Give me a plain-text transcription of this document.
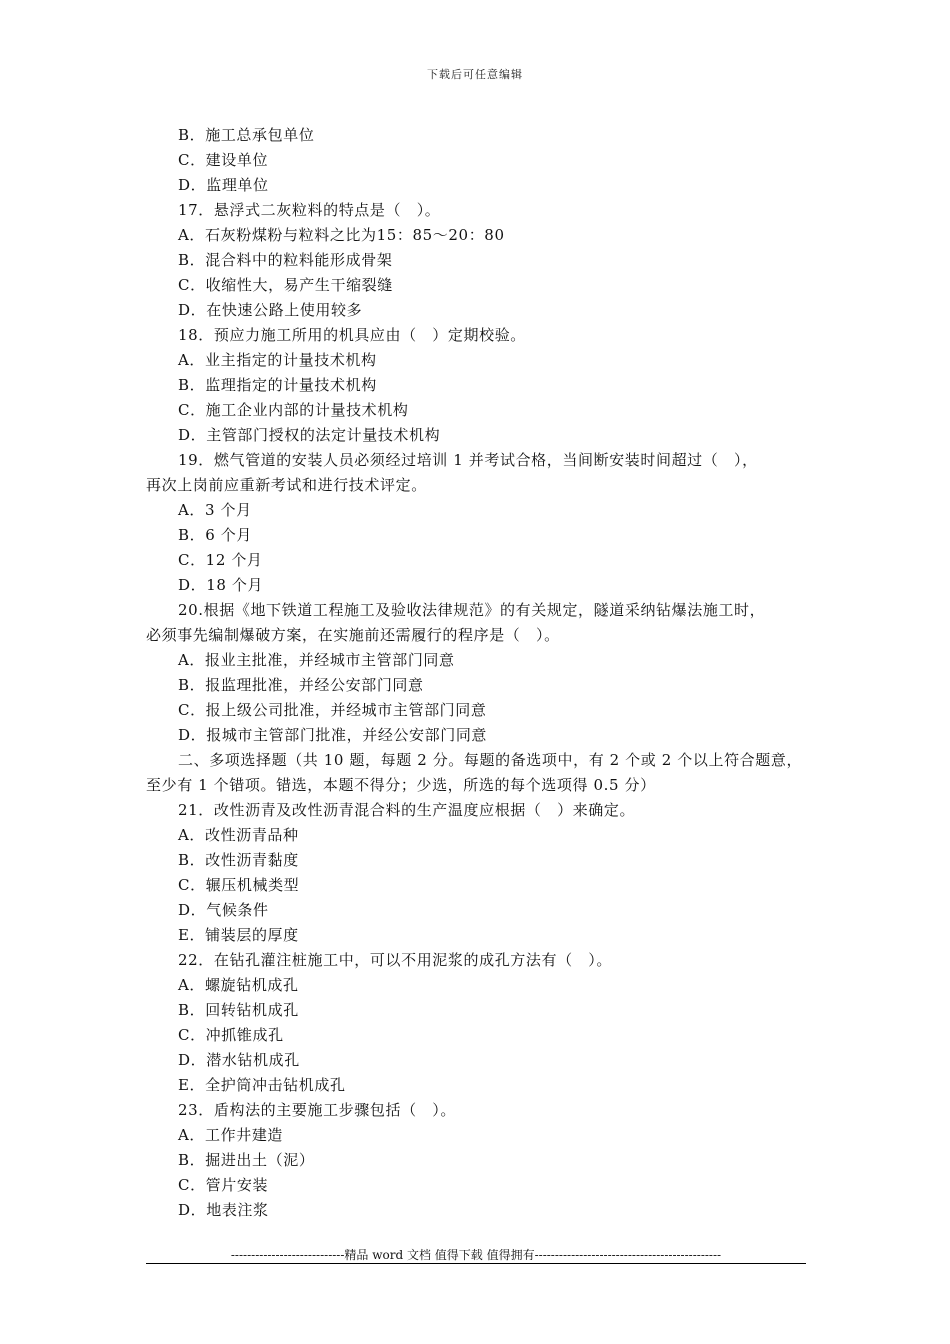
下载后可任意编辑
B．施工总承包单位
C．建设单位
D．监理单位
17．悬浮式二灰粒料的特点是（　）。
A．石灰粉煤粉与粒料之比为15：85～20：80
B．混合料中的粒料能形成骨架
C．收缩性大，易产生干缩裂缝
D．在快速公路上使用较多
18．预应力施工所用的机具应由（　）定期校验。
A．业主指定的计量技术机构
B．监理指定的计量技术机构
C．施工企业内部的计量技术机构
D．主管部门授权的法定计量技术机构
19．燃气管道的安装人员必须经过培训 1 并考试合格，当间断安装时间超过（　），
再次上岗前应重新考试和进行技术评定。
A．3 个月
B．6 个月
C．12 个月
D．18 个月
20.根据《地下铁道工程施工及验收法律规范》的有关规定，隧道采纳钻爆法施工时，
必须事先编制爆破方案，在实施前还需履行的程序是（　）。
A．报业主批准，并经城市主管部门同意
B．报监理批准，并经公安部门同意
C．报上级公司批准，并经城市主管部门同意
D．报城市主管部门批准，并经公安部门同意
二、多项选择题（共 10 题，每题 2 分。每题的备选项中，有 2 个或 2 个以上符合题意，
至少有 1 个错项。错选，本题不得分；少选，所选的每个选项得 0.5 分）
21．改性沥青及改性沥青混合料的生产温度应根据（　）来确定。
A．改性沥青品种
B．改性沥青黏度
C．辗压机械类型
D．气候条件
E．铺装层的厚度
22．在钻孔灌注桩施工中，可以不用泥浆的成孔方法有（　）。
A．螺旋钻机成孔
B．回转钻机成孔
C．冲抓锥成孔
D．潜水钻机成孔
E．全护筒冲击钻机成孔
23．盾构法的主要施工步骤包括（　）。
A．工作井建造
B．掘进出土（泥）
C．管片安装
D．地表注浆
----------------------------精品 word 文档 值得下载 值得拥有----------------------------------------------
